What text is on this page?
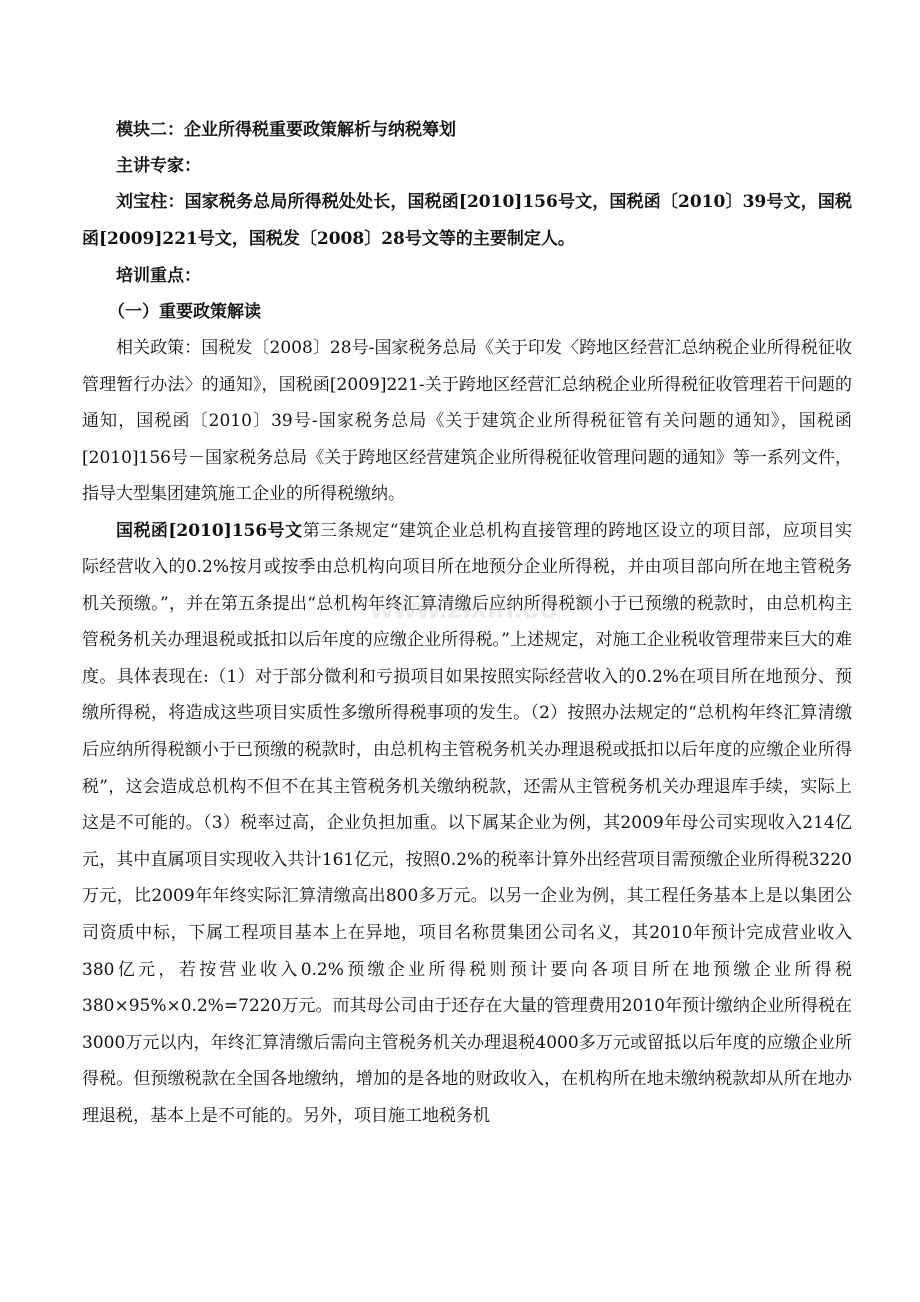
模块二：企业所得税重要政策解析与纳税筹划

主讲专家：

刘宝柱：国家税务总局所得税处处长，国税函[2010]156号文，国税函〔2010〕39号文，国税函[2009]221号文，国税发〔2008〕28号文等的主要制定人。

培训重点：

（一）重要政策解读

相关政策：国税发〔2008〕28号-国家税务总局《关于印发〈跨地区经营汇总纳税企业所得税征收管理暂行办法〉的通知》，国税函[2009]221-关于跨地区经营汇总纳税企业所得税征收管理若干问题的通知，国税函〔2010〕39号-国家税务总局《关于建筑企业所得税征管有关问题的通知》，国税函[2010]156号－国家税务总局《关于跨地区经营建筑企业所得税征收管理问题的通知》等一系列文件，指导大型集团建筑施工企业的所得税缴纳。

国税函[2010]156号文第三条规定“建筑企业总机构直接管理的跨地区设立的项目部，应项目实际经营收入的0.2%按月或按季由总机构向项目所在地预分企业所得税，并由项目部向所在地主管税务机关预缴。”，并在第五条提出“总机构年终汇算清缴后应纳所得税额小于已预缴的税款时，由总机构主管税务机关办理退税或抵扣以后年度的应缴企业所得税。”上述规定，对施工企业税收管理带来巨大的难度。具体表现在:（1）对于部分微利和亏损项目如果按照实际经营收入的0.2%在项目所在地预分、预缴所得税，将造成这些项目实质性多缴所得税事项的发生。（2）按照办法规定的“总机构年终汇算清缴后应纳所得税额小于已预缴的税款时，由总机构主管税务机关办理退税或抵扣以后年度的应缴企业所得税”，这会造成总机构不但不在其主管税务机关缴纳税款，还需从主管税务机关办理退库手续，实际上这是不可能的。（3）税率过高，企业负担加重。以下属某企业为例，其2009年母公司实现收入214亿元，其中直属项目实现收入共计161亿元，按照0.2%的税率计算外出经营项目需预缴企业所得税3220万元，比2009年年终实际汇算清缴高出800多万元。以另一企业为例，其工程任务基本上是以集团公司资质中标，下属工程项目基本上在异地，项目名称贯集团公司名义，其2010年预计完成营业收入380亿元，若按营业收入0.2%预缴企业所得税则预计要向各项目所在地预缴企业所得税380×95%×0.2%=7220万元。而其母公司由于还存在大量的管理费用2010年预计缴纳企业所得税在3000万元以内，年终汇算清缴后需向主管税务机关办理退税4000多万元或留抵以后年度的应缴企业所得税。但预缴税款在全国各地缴纳，增加的是各地的财政收入，在机构所在地未缴纳税款却从所在地办理退税，基本上是不可能的。另外，项目施工地税务机

www.zixin.co
